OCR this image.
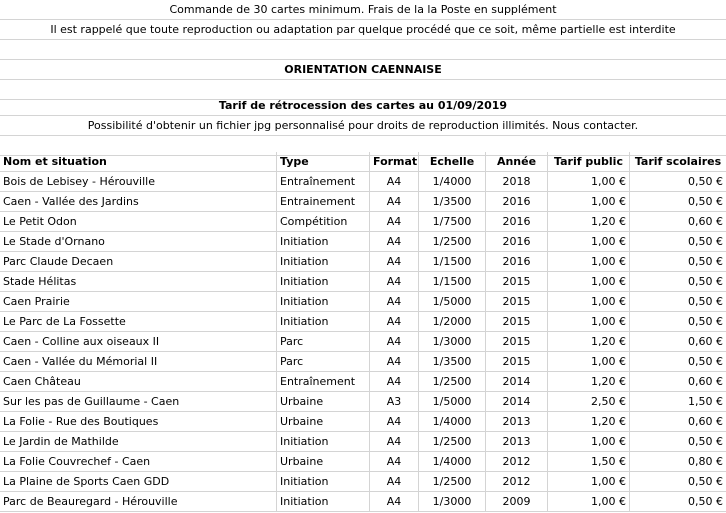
Commande de 30 cartes minimum. Frais de la la Poste en supplément
Il est rappelé que toute reproduction ou adaptation par quelque procédé que ce soit, même partielle est interdite
ORIENTATION CAENNAISE
Tarif de rétrocession des cartes au 01/09/2019
Possibilité d'obtenir un fichier jpg personnalisé pour droits de reproduction illimités. Nous contacter.
Nom et situation	Type	Format	Echelle	Année	Tarif public	Tarif scolaires
Bois de Lebisey - Hérouville	Entraînement	A4	1/4000	2018	1,00 €	0,50 €
Caen - Vallée des Jardins	Entrainement	A4	1/3500	2016	1,00 €	0,50 €
Le Petit Odon	Compétition	A4	1/7500	2016	1,20 €	0,60 €
Le Stade d'Ornano	Initiation	A4	1/2500	2016	1,00 €	0,50 €
Parc Claude Decaen	Initiation	A4	1/1500	2016	1,00 €	0,50 €
Stade Hélitas	Initiation	A4	1/1500	2015	1,00 €	0,50 €
Caen Prairie	Initiation	A4	1/5000	2015	1,00 €	0,50 €
Le Parc de La Fossette	Initiation	A4	1/2000	2015	1,00 €	0,50 €
Caen - Colline aux oiseaux II	Parc	A4	1/3000	2015	1,20 €	0,60 €
Caen - Vallée du Mémorial II	Parc	A4	1/3500	2015	1,00 €	0,50 €
Caen Château	Entraînement	A4	1/2500	2014	1,20 €	0,60 €
Sur les pas de Guillaume - Caen	Urbaine	A3	1/5000	2014	2,50 €	1,50 €
La Folie - Rue des Boutiques	Urbaine	A4	1/4000	2013	1,20 €	0,60 €
Le Jardin de Mathilde	Initiation	A4	1/2500	2013	1,00 €	0,50 €
La Folie Couvrechef - Caen	Urbaine	A4	1/4000	2012	1,50 €	0,80 €
La Plaine de Sports Caen GDD	Initiation	A4	1/2500	2012	1,00 €	0,50 €
Parc de Beauregard - Hérouville	Initiation	A4	1/3000	2009	1,00 €	0,50 €
